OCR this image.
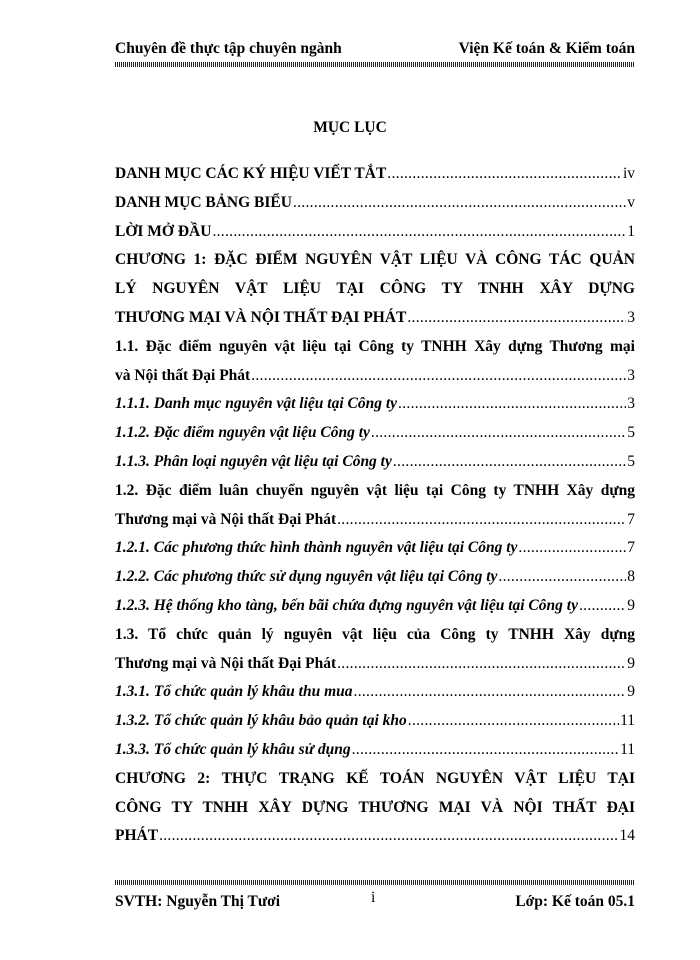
Chuyên đề thực tập chuyên ngành	Viện Kế toán & Kiểm toán
MỤC LỤC
DANH MỤC CÁC KÝ HIỆU VIẾT TẮT .....	iv
DANH MỤC BẢNG BIỂU .....	v
LỜI MỞ ĐẦU .....	1
CHƯƠNG 1: ĐẶC ĐIỂM NGUYÊN VẬT LIỆU VÀ CÔNG TÁC QUẢN
LÝ NGUYÊN VẬT LIỆU TẠI CÔNG TY TNHH XÂY DỰNG
THƯƠNG MẠI VÀ NỘI THẤT ĐẠI PHÁT .....	3
1.1. Đặc điểm nguyên vật liệu tại Công ty TNHH Xây dựng Thương mại
và Nội thất Đại Phát .....	3
1.1.1. Danh mục nguyên vật liệu tại Công ty .....	3
1.1.2. Đặc điểm nguyên vật liệu Công ty .....	5
1.1.3. Phân loại nguyên vật liệu tại Công ty .....	5
1.2. Đặc điểm luân chuyển nguyên vật liệu tại Công ty TNHH Xây dựng
Thương mại và Nội thất Đại Phát .....	7
1.2.1. Các phương thức hình thành nguyên vật liệu tại Công ty .....	7
1.2.2. Các phương thức sử dụng nguyên vật liệu tại Công ty .....	8
1.2.3. Hệ thống kho tàng, bến bãi chứa đựng nguyên vật liệu tại Công ty .....	9
1.3. Tổ chức quản lý nguyên vật liệu của Công ty TNHH Xây dựng
Thương mại và Nội thất Đại Phát .....	9
1.3.1. Tổ chức quản lý khâu thu mua .....	9
1.3.2. Tổ chức quản lý khâu bảo quản tại kho .....	11
1.3.3. Tổ chức quản lý khâu sử dụng .....	11
CHƯƠNG 2: THỰC TRẠNG KẾ TOÁN NGUYÊN VẬT LIỆU TẠI
CÔNG TY TNHH XÂY DỰNG THƯƠNG MẠI VÀ NỘI THẤT ĐẠI
PHÁT .....	14
SVTH: Nguyễn Thị Tươi	i	Lớp: Kế toán 05.1
